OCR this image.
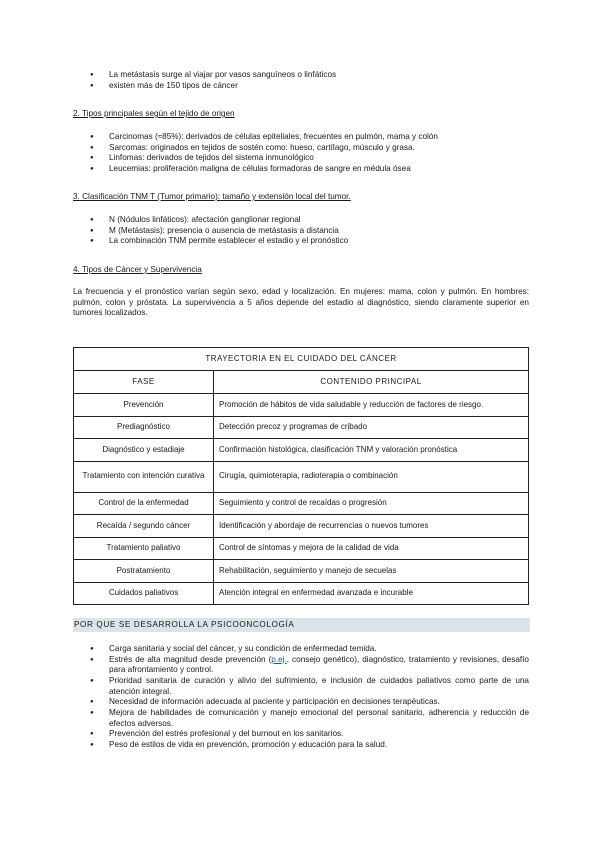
● La metástasis surge al viajar por vasos sanguíneos o linfáticos
● existen más de 150 tipos de cáncer
2. Tipos principales según el tejido de origen
● Carcinomas (≈85%): derivados de células epiteliales, frecuentes en pulmón, mama y colón
● Sarcomas: originados en tejidos de sostén como: hueso, cartílago, músculo y grasa.
● Linfomas: derivados de tejidos del sistema inmunológico
● Leucemias: proliferación maligna de células formadoras de sangre en médula ósea
3. Clasificación TNM T (Tumor primario): tamaño y extensión local del tumor.
● N (Nódulos linfáticos): afectación ganglionar regional
● M (Metástasis): presencia o ausencia de metástasis a distancia
● La combinación TNM permite establecer el estadio y el pronóstico
4. Tipos de Cáncer y Supervivencia
La frecuencia y el pronóstico varían según sexo, edad y localización. En mujeres: mama, colon y pulmón. En hombres: pulmón, colon y próstata. La supervivencia a 5 años depende del estadio al diagnóstico, siendo claramente superior en tumores localizados.
TRAYECTORIA EN EL CUIDADO DEL CÁNCER	
FASE	CONTENIDO PRINCIPAL
Prevención	Promoción de hábitos de vida saludable y reducción de factores de riesgo.
Prediagnóstico	Detección precoz y programas de cribado
Diagnóstico y estadiaje	Confirmación histológica, clasificación TNM y valoración pronóstica
Tratamiento con intención curativa	Cirugía, quimioterapia, radioterapia o combinación
Control de la enfermedad	Seguimiento y control de recaídas o progresión
Recaída / segundo cáncer	Identificación y abordaje de recurrencias o nuevos tumores
Tratamiento paliativo	Control de síntomas y mejora de la calidad de vida
Postratamiento	Rehabilitación, seguimiento y manejo de secuelas
Cuidados paliativos	Atención integral en enfermedad avanzada e incurable
POR QUE SE DESARROLLA LA PSICOONCOLOGÍA
● Carga sanitaria y social del cáncer, y su condición de enfermedad temida.
● Estrés de alta magnitud desde prevención (p.ej., consejo genético), diagnóstico, tratamiento y revisiones, desafío para afrontamiento y control.
● Prioridad sanitaria de curación y alivio del sufrimiento, e inclusión de cuidados paliativos como parte de una atención integral.
● Necesidad de información adecuada al paciente y participación en decisiones terapéuticas.
● Mejora de habilidades de comunicación y manejo emocional del personal sanitario, adherencia y reducción de efectos adversos.
● Prevención del estrés profesional y del burnout en los sanitarios.
● Peso de estilos de vida en prevención, promoción y educación para la salud.
